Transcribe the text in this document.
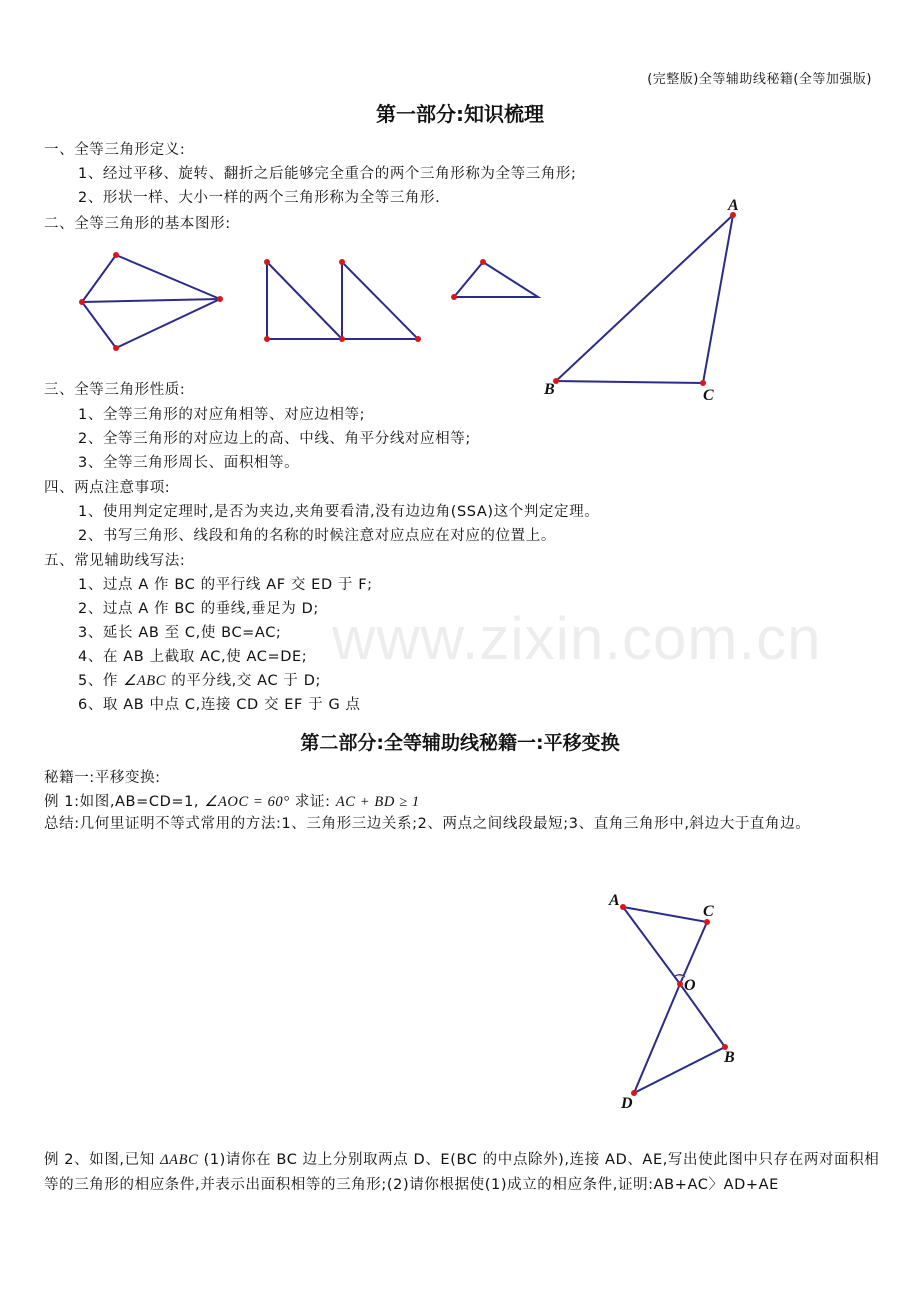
(完整版)全等辅助线秘籍(全等加强版)
www.zixin.com.cn
第一部分:知识梳理
一、全等三角形定义:
1、经过平移、旋转、翻折之后能够完全重合的两个三角形称为全等三角形;
2、形状一样、大小一样的两个三角形称为全等三角形.
二、全等三角形的基本图形:
A
B	C
A
C
O
B
D
三、全等三角形性质:
1、全等三角形的对应角相等、对应边相等;
2、全等三角形的对应边上的高、中线、角平分线对应相等;
3、全等三角形周长、面积相等。
四、两点注意事项:
1、使用判定定理时,是否为夹边,夹角要看清,没有边边角(SSA)这个判定定理。
2、书写三角形、线段和角的名称的时候注意对应点应在对应的位置上。
五、常见辅助线写法:
1、过点 A 作 BC 的平行线 AF 交 ED 于 F;
2、过点 A 作 BC 的垂线,垂足为 D;
3、延长 AB 至 C,使 BC=AC;
4、在 AB 上截取 AC,使 AC=DE;
5、作 ∠ABC 的平分线,交 AC 于 D;
6、取 AB 中点 C,连接 CD 交 EF 于 G 点
第二部分:全等辅助线秘籍一:平移变换
秘籍一:平移变换:
例 1:如图,AB=CD=1, ∠AOC = 60° 求证: AC + BD ≥ 1
总结:几何里证明不等式常用的方法:1、三角形三边关系;2、两点之间线段最短;3、直角三角形中,斜边大于直角边。
例 2、如图,已知 ΔABC (1)请你在 BC 边上分别取两点 D、E(BC 的中点除外),连接 AD、AE,写出使此图中只存在两对面积相等的三角形的相应条件,并表示出面积相等的三角形;(2)请你根据使(1)成立的相应条件,证明:AB+AC〉AD+AE
